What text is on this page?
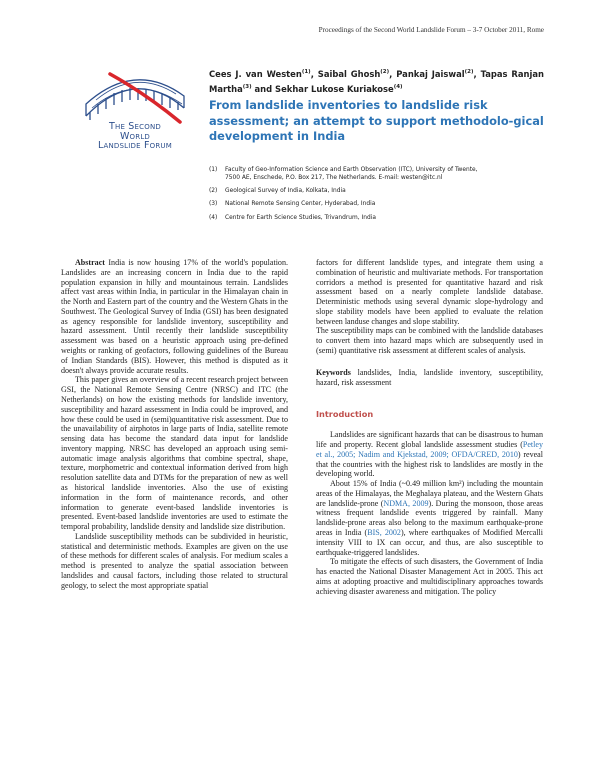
Proceedings of the Second World Landslide Forum – 3-7 October 2011, Rome
The Second
World
Landslide Forum
Cees J. van Westen$^{(1)}$, Saibal Ghosh$^{(2)}$, Pankaj Jaiswal$^{(2)}$, Tapas Ranjan Martha$^{(3)}$ and Sekhar Lukose Kuriakose$^{(4)}$
From landslide inventories to landslide risk assessment; an attempt to support methodolo-gical development in India
(1)	Faculty of Geo-Information Science and Earth Observation (ITC), University of Twente,
7500 AE, Enschede, P.O. Box 217, The Netherlands. E-mail: westen@itc.nl
(2)	Geological Survey of India, Kolkata, India
(3)	National Remote Sensing Center, Hyderabad, India
(4)	Centre for Earth Science Studies, Trivandrum, India

Abstract India is now housing 17% of the world's population. Landslides are an increasing concern in India due to the rapid population expansion in hilly and mountainous terrain. Landslides affect vast areas within India, in particular in the Himalayan chain in the North and Eastern part of the country and the Western Ghats in the Southwest. The Geological Survey of India (GSI) has been designated as agency responsible for landslide inventory, susceptibility and hazard assessment. Until recently their landslide susceptibility assessment was based on a heuristic approach using pre-defined weights or ranking of geofactors, following guidelines of the Bureau of Indian Standards (BIS). However, this method is disputed as it doesn't always provide accurate results.

This paper gives an overview of a recent research project between GSI, the National Remote Sensing Centre (NRSC) and ITC (the Netherlands) on how the existing methods for landslide inventory, susceptibility and hazard assessment in India could be improved, and how these could be used in (semi)quantitative risk assessment. Due to the unavailability of airphotos in large parts of India, satellite remote sensing data has become the standard data input for landslide inventory mapping. NRSC has developed an approach using semi-automatic image analysis algorithms that combine spectral, shape, texture, morphometric and contextual information derived from high resolution satellite data and DTMs for the preparation of new as well as historical landslide inventories. Also the use of existing information in the form of maintenance records, and other information to generate event-based landslide inventories is presented. Event-based landslide inventories are used to estimate the temporal probability, landslide density and landslide size distribution.

Landslide susceptibility methods can be subdivided in heuristic, statistical and deterministic methods. Examples are given on the use of these methods for different scales of analysis. For medium scales a method is presented to analyze the spatial association between landslides and causal factors, including those related to structural geology, to select the most appropriate spatial

factors for different landslide types, and integrate them using a combination of heuristic and multivariate methods. For transportation corridors a method is presented for quantitative hazard and risk assessment based on a nearly complete landslide database. Deterministic methods using several dynamic slope-hydrology and slope stability models have been applied to evaluate the relation between landuse changes and slope stability.

The susceptibility maps can be combined with the landslide databases to convert them into hazard maps which are subsequently used in (semi) quantitative risk assessment at different scales of analysis.

Keywords landslides, India, landslide inventory, susceptibility, hazard, risk assessment

Introduction

Landslides are significant hazards that can be disastrous to human life and property. Recent global landslide assessment studies (Petley et al., 2005; Nadim and Kjekstad, 2009; OFDA/CRED, 2010) reveal that the countries with the highest risk to landslides are mostly in the developing world.

About 15% of India (~0.49 million km²) including the mountain areas of the Himalayas, the Meghalaya plateau, and the Western Ghats are landslide-prone (NDMA, 2009). During the monsoon, those areas witness frequent landslide events triggered by rainfall. Many landslide-prone areas also belong to the maximum earthquake-prone areas in India (BIS, 2002), where earthquakes of Modified Mercalli intensity VIII to IX can occur, and thus, are also susceptible to earthquake-triggered landslides.

To mitigate the effects of such disasters, the Government of India has enacted the National Disaster Management Act in 2005. This act aims at adopting proactive and multidisciplinary approaches towards achieving disaster awareness and mitigation. The policy
